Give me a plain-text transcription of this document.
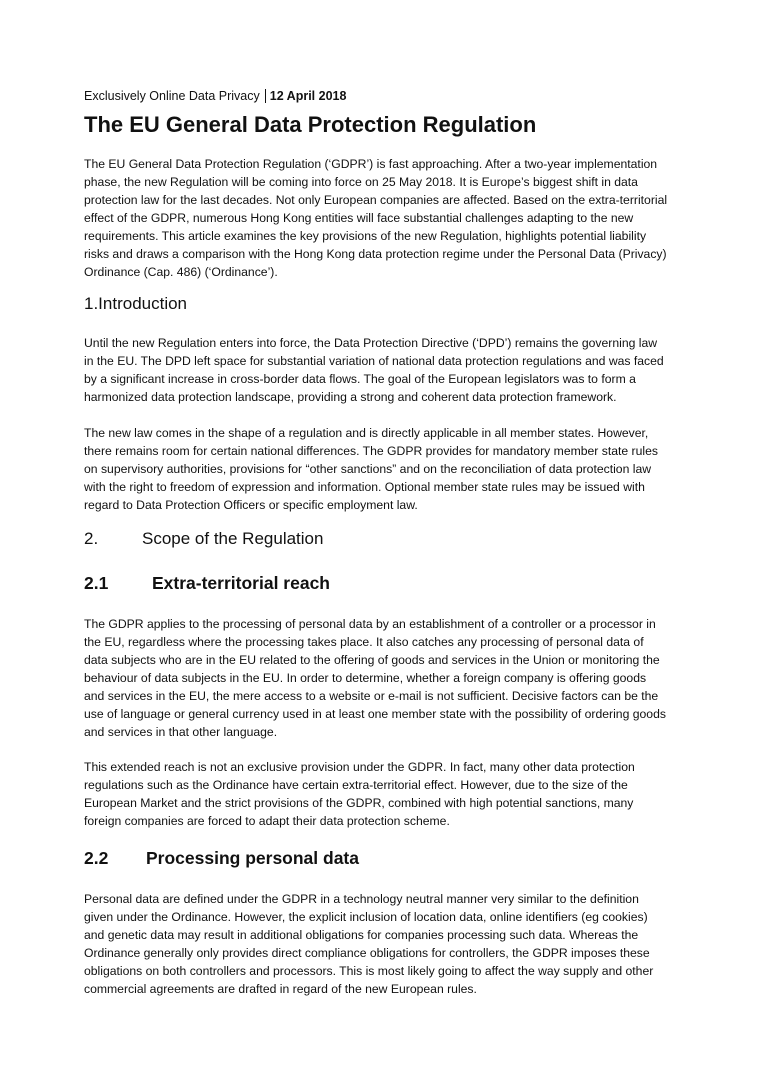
Exclusively Online Data Privacy 12 April 2018
The EU General Data Protection Regulation

The EU General Data Protection Regulation (‘GDPR’) is fast approaching. After a two-year implementation
phase, the new Regulation will be coming into force on 25 May 2018. It is Europe’s biggest shift in data
protection law for the last decades. Not only European companies are affected. Based on the extra-territorial
effect of the GDPR, numerous Hong Kong entities will face substantial challenges adapting to the new
requirements. This article examines the key provisions of the new Regulation, highlights potential liability
risks and draws a comparison with the Hong Kong data protection regime under the Personal Data (Privacy)
Ordinance (Cap. 486) (‘Ordinance’).

1.Introduction

Until the new Regulation enters into force, the Data Protection Directive (‘DPD’) remains the governing law
in the EU. The DPD left space for substantial variation of national data protection regulations and was faced
by a significant increase in cross-border data flows. The goal of the European legislators was to form a
harmonized data protection landscape, providing a strong and coherent data protection framework.

The new law comes in the shape of a regulation and is directly applicable in all member states. However,
there remains room for certain national differences. The GDPR provides for mandatory member state rules
on supervisory authorities, provisions for “other sanctions” and on the reconciliation of data protection law
with the right to freedom of expression and information. Optional member state rules may be issued with
regard to Data Protection Officers or specific employment law.

2.	Scope of the Regulation
2.1 Extra-territorial reach

The GDPR applies to the processing of personal data by an establishment of a controller or a processor in
the EU, regardless where the processing takes place. It also catches any processing of personal data of
data subjects who are in the EU related to the offering of goods and services in the Union or monitoring the
behaviour of data subjects in the EU. In order to determine, whether a foreign company is offering goods
and services in the EU, the mere access to a website or e-mail is not sufficient. Decisive factors can be the
use of language or general currency used in at least one member state with the possibility of ordering goods
and services in that other language.

This extended reach is not an exclusive provision under the GDPR. In fact, many other data protection
regulations such as the Ordinance have certain extra-territorial effect. However, due to the size of the
European Market and the strict provisions of the GDPR, combined with high potential sanctions, many
foreign companies are forced to adapt their data protection scheme.

2.2 Processing personal data

Personal data are defined under the GDPR in a technology neutral manner very similar to the definition
given under the Ordinance. However, the explicit inclusion of location data, online identifiers (eg cookies)
and genetic data may result in additional obligations for companies processing such data. Whereas the
Ordinance generally only provides direct compliance obligations for controllers, the GDPR imposes these
obligations on both controllers and processors. This is most likely going to affect the way supply and other
commercial agreements are drafted in regard of the new European rules.
